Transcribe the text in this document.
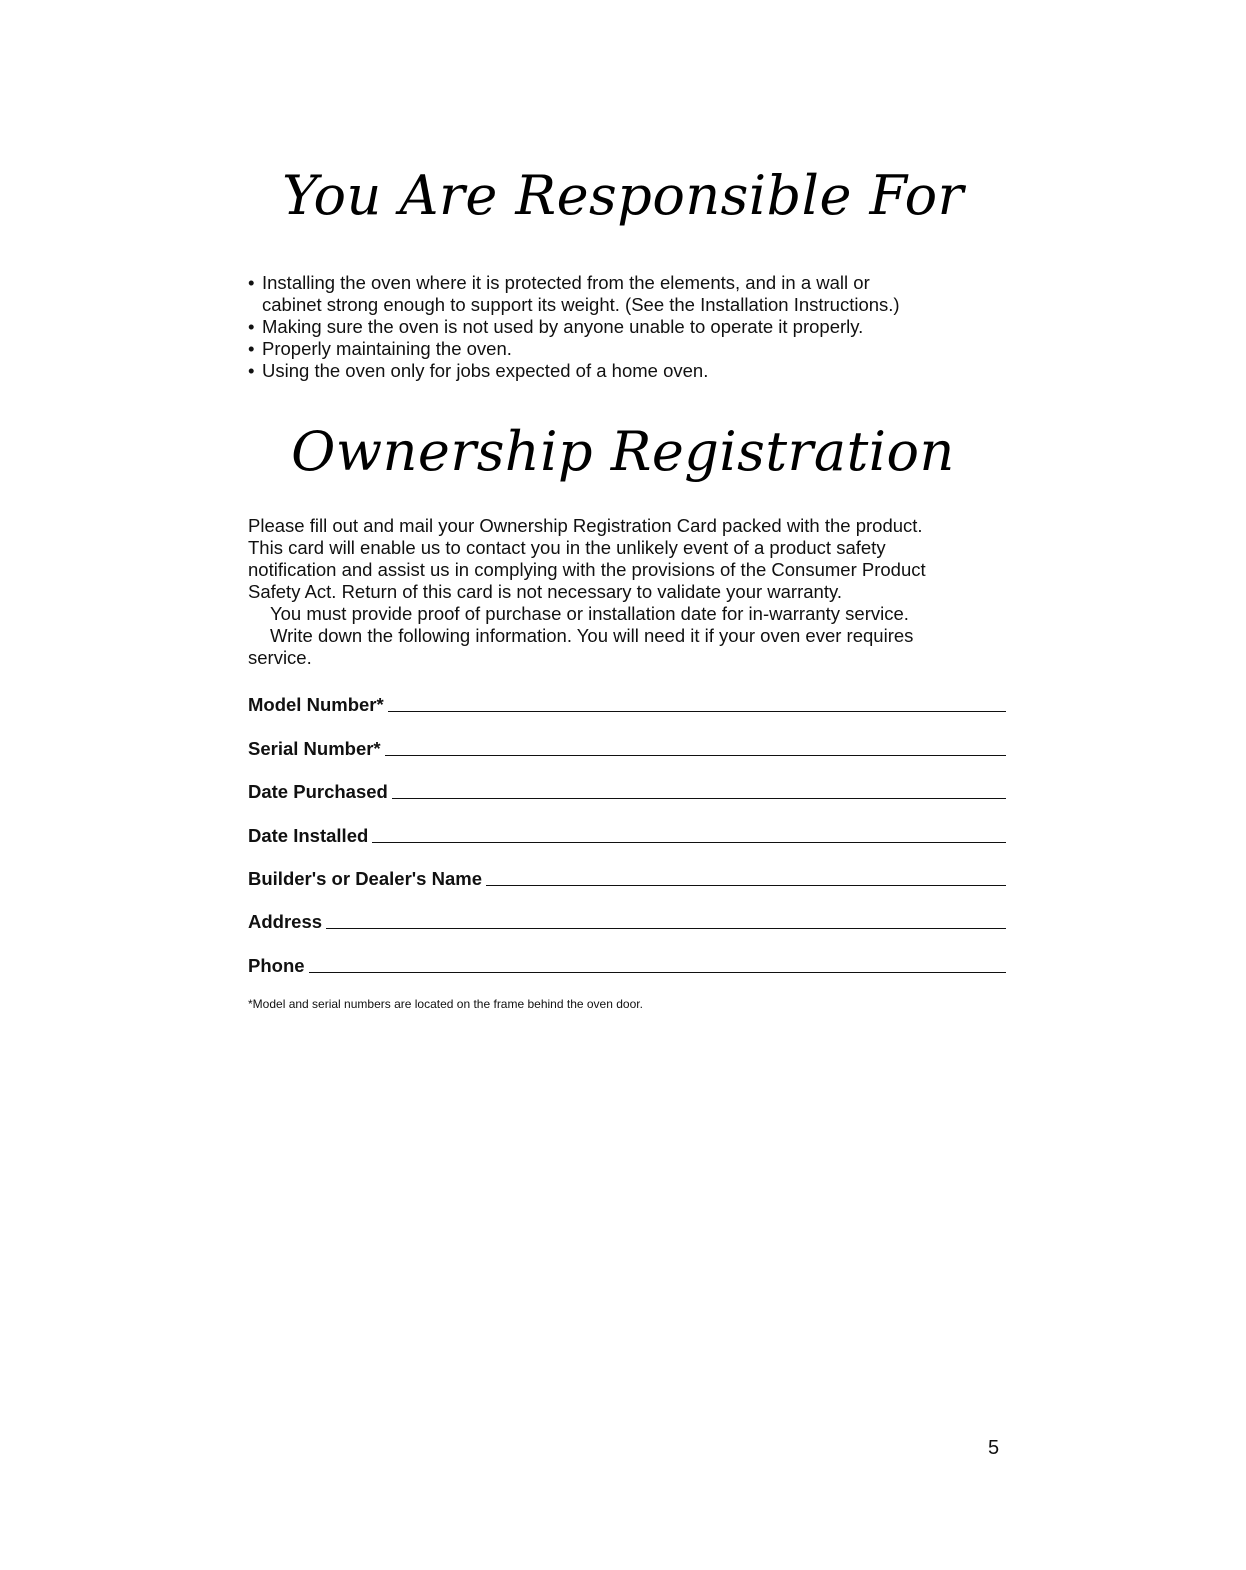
You Are Responsible For
• Installing the oven where it is protected from the elements, and in a wall or
cabinet strong enough to support its weight. (See the Installation Instructions.)
• Making sure the oven is not used by anyone unable to operate it properly.
• Properly maintaining the oven.
• Using the oven only for jobs expected of a home oven.
Ownership Registration

Please fill out and mail your Ownership Registration Card packed with the product.
This card will enable us to contact you in the unlikely event of a product safety
notification and assist us in complying with the provisions of the Consumer Product
Safety Act. Return of this card is not necessary to validate your warranty.

You must provide proof of purchase or installation date for in-warranty service.

Write down the following information. You will need it if your oven ever requires
service.

Model Number*
Serial Number*
Date Purchased
Date Installed
Builder's or Dealer's Name
Address
Phone

*Model and serial numbers are located on the frame behind the oven door.

5
